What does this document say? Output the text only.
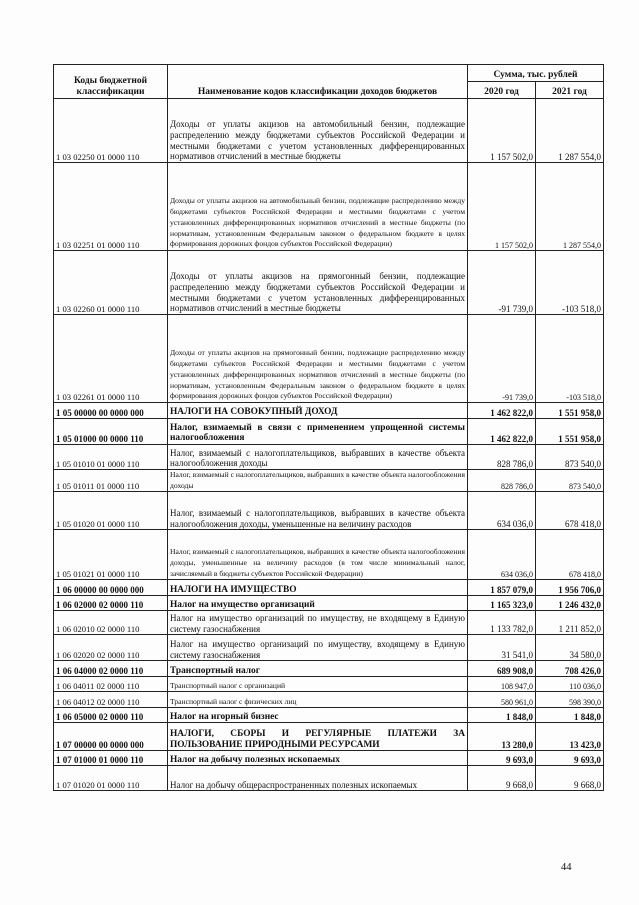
Коды бюджетной классификации	Наименование кодов классификации доходов бюджетов	Сумма, тыс. рублей	
		2020 год	2021 год
1 03 02250 01 0000 110	Доходы от уплаты акцизов на автомобильный бензин, подлежащие распределению между бюджетами субъектов Российской Федерации и местными бюджетами с учетом установленных дифференцированных нормативов отчислений в местные бюджеты	1 157 502,0	1 287 554,0
1 03 02251 01 0000 110	Доходы от уплаты акцизов на автомобильный бензин, подлежащие распределению между бюджетами субъектов Российской Федерации и местными бюджетами с учетом установленных дифференцированных нормативов отчислений в местные бюджеты (по нормативам, установленным Федеральным законом о федеральном бюджете в целях формирования дорожных фондов субъектов Российской Федерации)	1 157 502,0	1 287 554,0
1 03 02260 01 0000 110	Доходы от уплаты акцизов на прямогонный бензин, подлежащие распределению между бюджетами субъектов Российской Федерации и местными бюджетами с учетом установленных дифференцированных нормативов отчислений в местные бюджеты	-91 739,0	-103 518,0
1 03 02261 01 0000 110	Доходы от уплаты акцизов на прямогонный бензин, подлежащие распределению между бюджетами субъектов Российской Федерации и местными бюджетами с учетом установленных дифференцированных нормативов отчислений в местные бюджеты (по нормативам, установленным Федеральным законом о федеральном бюджете в целях формирования дорожных фондов субъектов Российской Федерации)	-91 739,0	-103 518,0
1 05 00000 00 0000 000	НАЛОГИ НА СОВОКУПНЫЙ ДОХОД	1 462 822,0	1 551 958,0
1 05 01000 00 0000 110	Налог, взимаемый в связи с применением упрощенной системы налогообложения	1 462 822,0	1 551 958,0
1 05 01010 01 0000 110	Налог, взимаемый с налогоплательщиков, выбравших в качестве объекта налогообложения доходы	828 786,0	873 540,0
1 05 01011 01 0000 110	Налог, взимаемый с налогоплательщиков, выбравших в качестве объекта налогообложения доходы	828 786,0	873 540,0
1 05 01020 01 0000 110	Налог, взимаемый с налогоплательщиков, выбравших в качестве объекта налогообложения доходы, уменьшенные на величину расходов	634 036,0	678 418,0
1 05 01021 01 0000 110	Налог, взимаемый с налогоплательщиков, выбравших в качестве объекта налогообложения доходы, уменьшенные на величину расходов (в том числе минимальный налог, зачисляемый в бюджеты субъектов Российской Федерации)	634 036,0	678 418,0
1 06 00000 00 0000 000	НАЛОГИ НА ИМУЩЕСТВО	1 857 079,0	1 956 706,0
1 06 02000 02 0000 110	Налог на имущество организаций	1 165 323,0	1 246 432,0
1 06 02010 02 0000 110	Налог на имущество организаций по имуществу, не входящему в Единую систему газоснабжения	1 133 782,0	1 211 852,0
1 06 02020 02 0000 110	Налог на имущество организаций по имуществу, входящему в Единую систему газоснабжения	31 541,0	34 580,0
1 06 04000 02 0000 110	Транспортный налог	689 908,0	708 426,0
1 06 04011 02 0000 110	Транспортный налог с организаций	108 947,0	110 036,0
1 06 04012 02 0000 110	Транспортный налог с физических лиц	580 961,0	598 390,0
1 06 05000 02 0000 110	Налог на игорный бизнес	1 848,0	1 848,0
1 07 00000 00 0000 000	НАЛОГИ, СБОРЫ И РЕГУЛЯРНЫЕ ПЛАТЕЖИ ЗА ПОЛЬЗОВАНИЕ ПРИРОДНЫМИ РЕСУРСАМИ	13 280,0	13 423,0
1 07 01000 01 0000 110	Налог на добычу полезных ископаемых	9 693,0	9 693,0
1 07 01020 01 0000 110	Налог на добычу общераспространенных полезных ископаемых	9 668,0	9 668,0
44
